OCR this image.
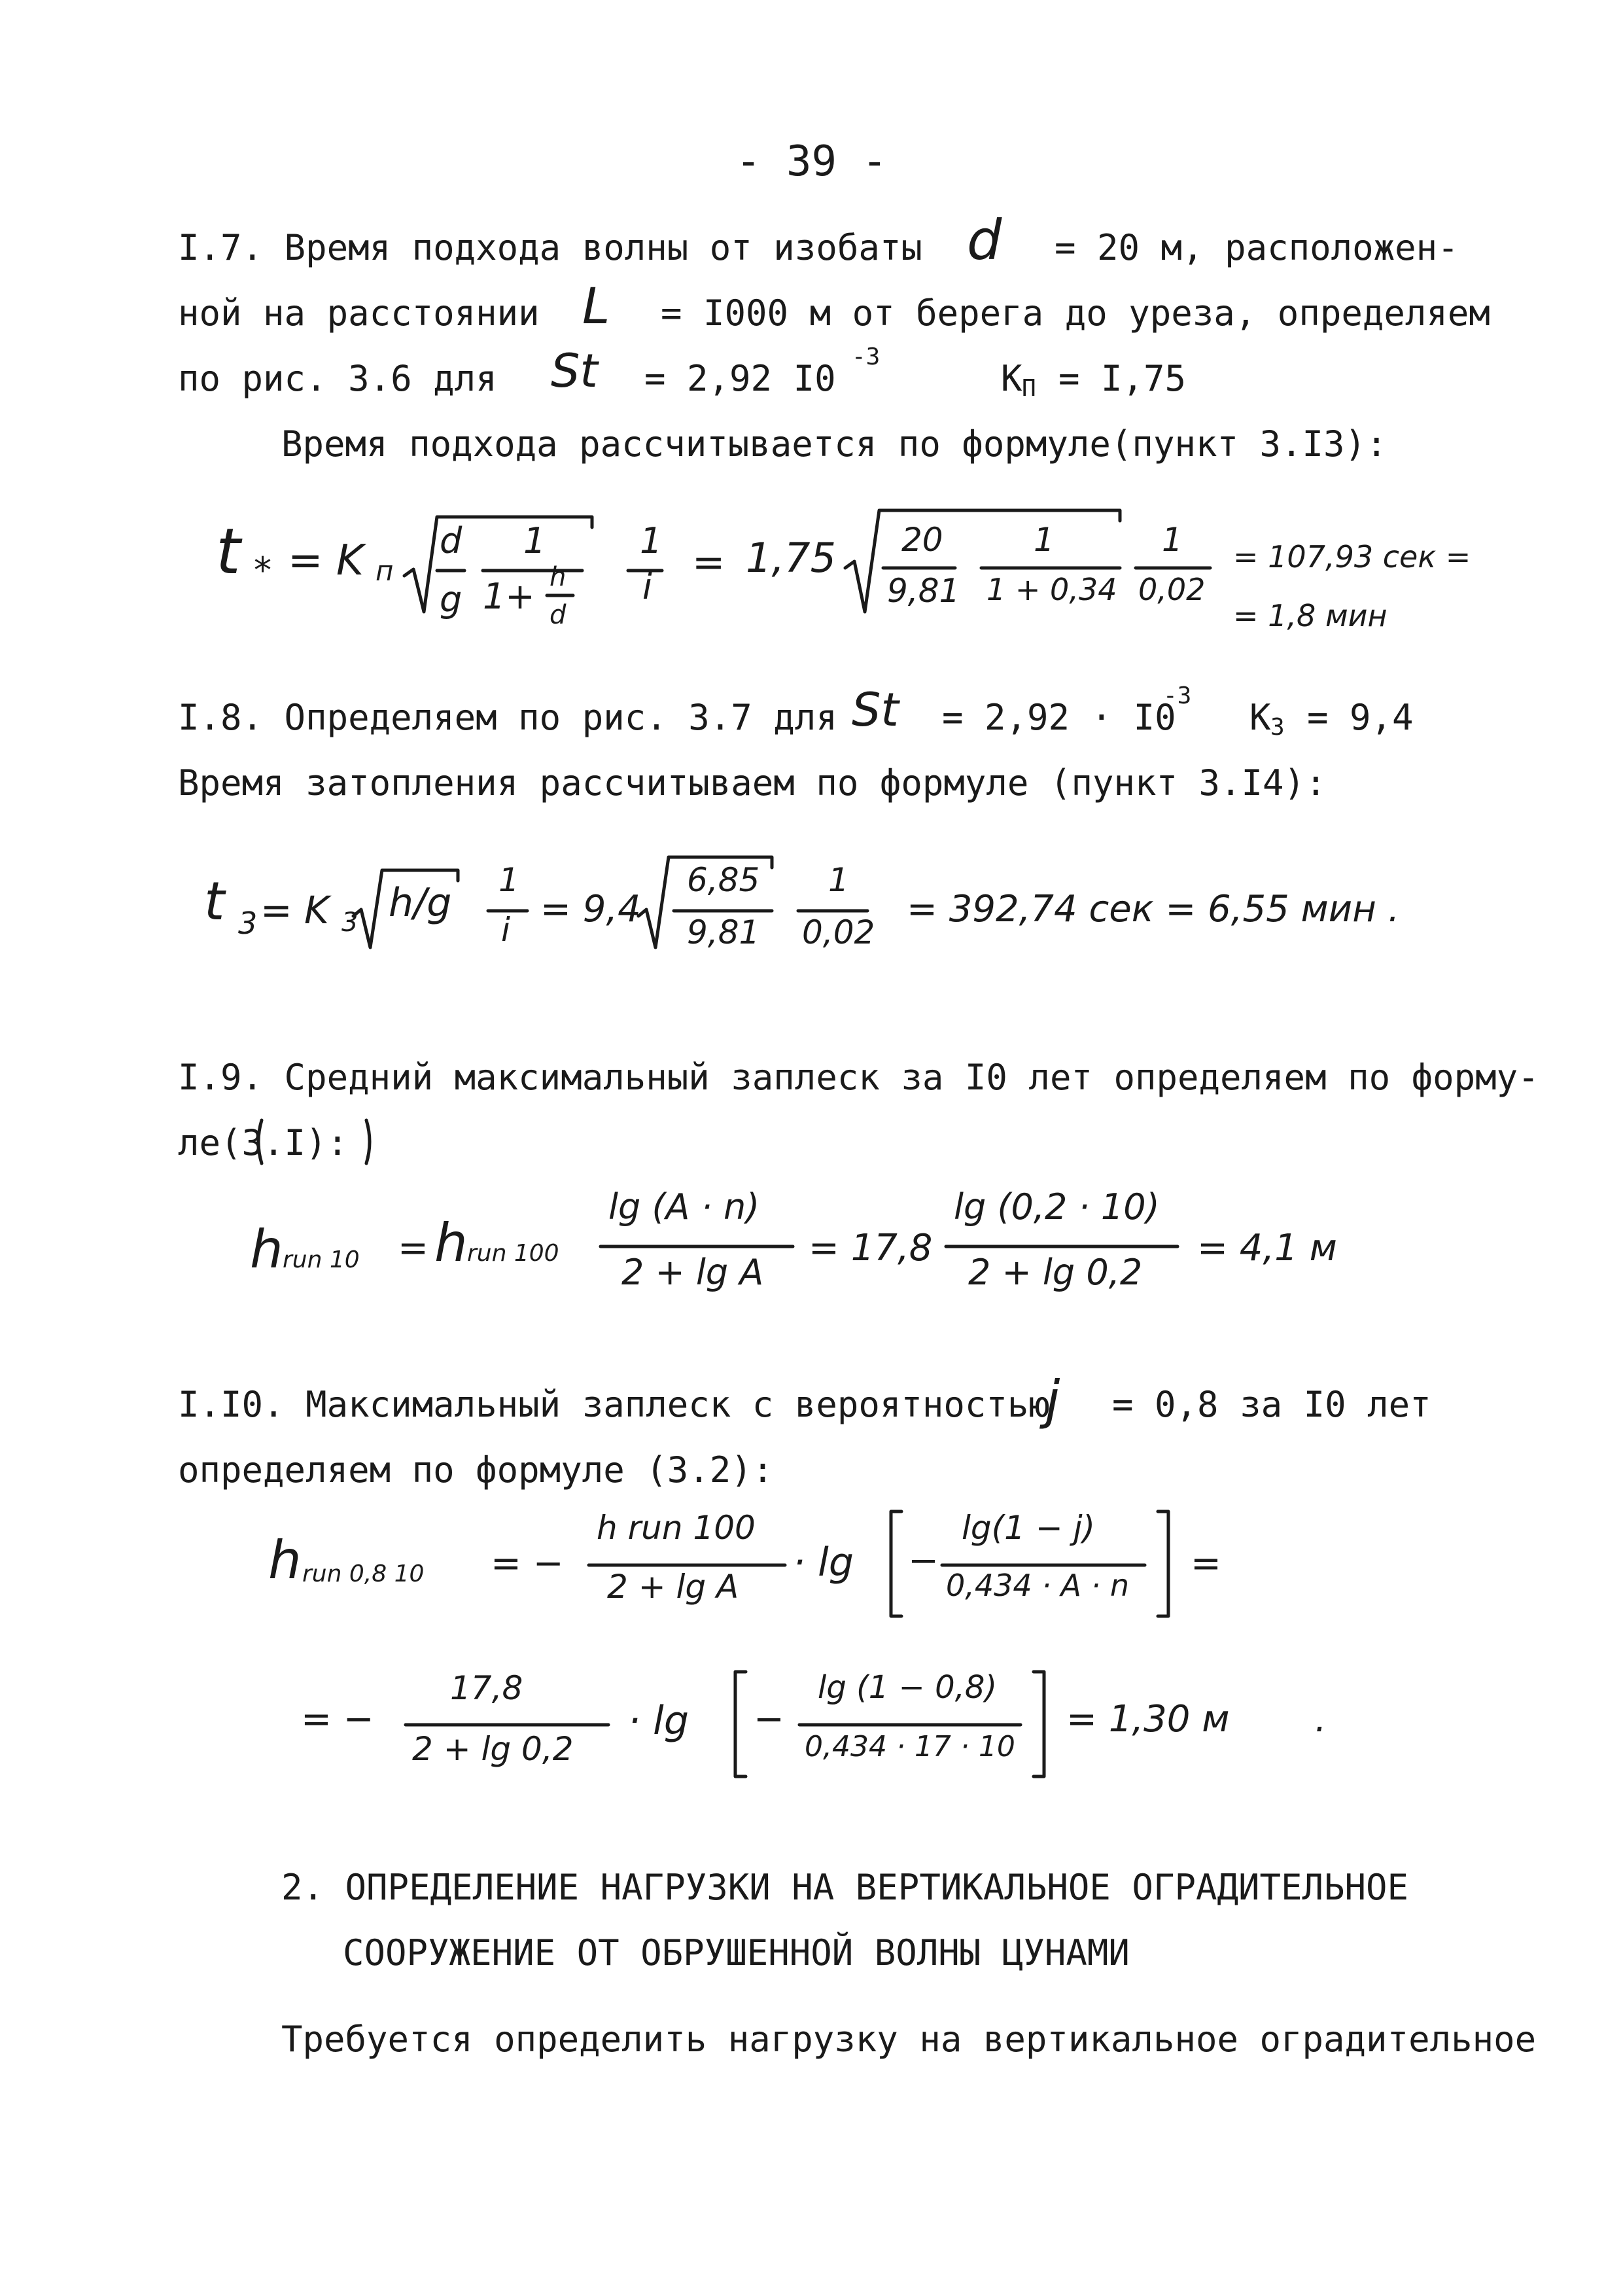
- 39 -
I.7. Время подхода волны от изобаты d = 20 м, расположен-
ной на расстоянии L = I000 м от берега до уреза, определяем
по рис. 3.6 для St = 2,92 I0
-3
K П = I,75
Время подхода рассчитывается по формуле(пункт 3.I3):
t * = K п
d
g
1
1+ h
d
1
i
= 1,75 20
9,81
1
1 + 0,34
1
0,02
= 107,93 сек =
= 1,8 мин
I.8. Определяем по рис. 3.7 для St = 2,92 · I0
-3
K З = 9,4
Время затопления рассчитываем по формуле (пункт 3.I4):
t 3 = K 3 h/g 1
i = 9,4
6,85
9,81
1
0,02
= 392,74 сек = 6,55 мин .
I.9. Средний максимальный заплеск за I0 лет определяем по форму-
ле(3.I):
h run 10 = h run 100
lg (A · n)
2 + lg A
= 17,8
lg (0,2 · 10)
2 + lg 0,2
= 4,1 м
I.I0. Максимальный заплеск с вероятностью
j = 0,8 за I0 лет
определяем по формуле (3.2):
h run 0,8 10 = −
h run 100
2 + lg A
· lg −
lg(1 − j)
0,434 · A · n
=
= −
17,8
2 + lg 0,2
· lg −
lg (1 − 0,8)
0,434 · 17 · 10
= 1,30 м .
2. ОПРЕДЕЛЕНИЕ НАГРУЗКИ НА ВЕРТИКАЛЬНОЕ ОГРАДИТЕЛЬНОЕ
СООРУЖЕНИЕ ОТ ОБРУШЕННОЙ ВОЛНЫ ЦУНАМИ
Требуется определить нагрузку на вертикальное оградительное
